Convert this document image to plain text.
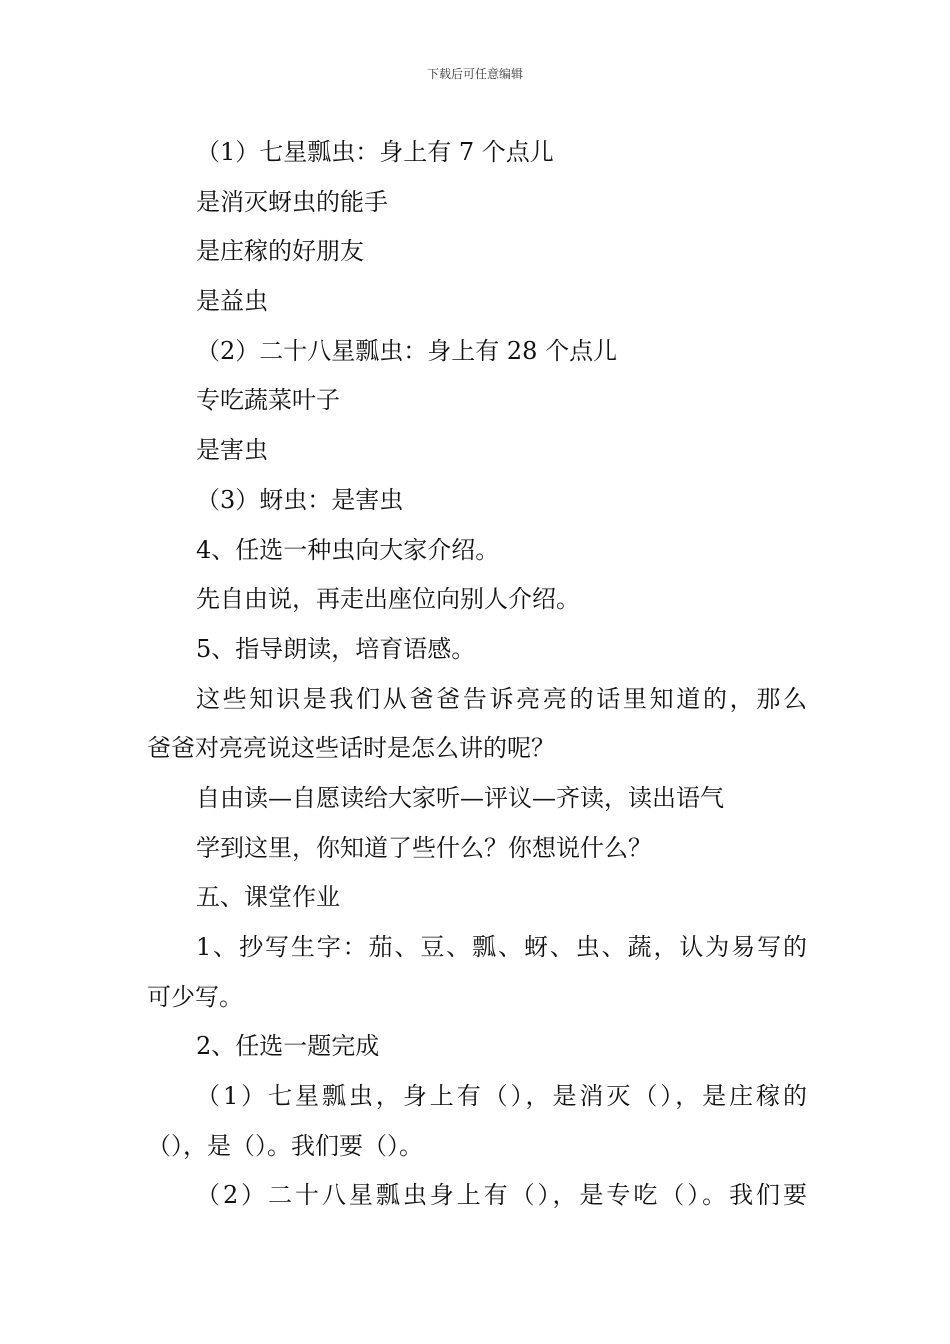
下载后可任意编辑
（1）七星瓢虫：身上有 7 个点儿
是消灭蚜虫的能手
是庄稼的好朋友
是益虫
（2）二十八星瓢虫：身上有 28 个点儿
专吃蔬菜叶子
是害虫
（3）蚜虫：是害虫
4、任选一种虫向大家介绍。
先自由说，再走出座位向别人介绍。
5、指导朗读，培育语感。
这些知识是我们从爸爸告诉亮亮的话里知道的，那么
爸爸对亮亮说这些话时是怎么讲的呢？
自由读—自愿读给大家听—评议—齐读，读出语气
学到这里，你知道了些什么？你想说什么？
五、课堂作业
1、抄写生字：茄、豆、瓢、蚜、虫、蔬，认为易写的
可少写。
2、任选一题完成
（1）七星瓢虫，身上有（），是消灭（），是庄稼的
（），是（）。我们要（）。
（2）二十八星瓢虫身上有（），是专吃（）。我们要
